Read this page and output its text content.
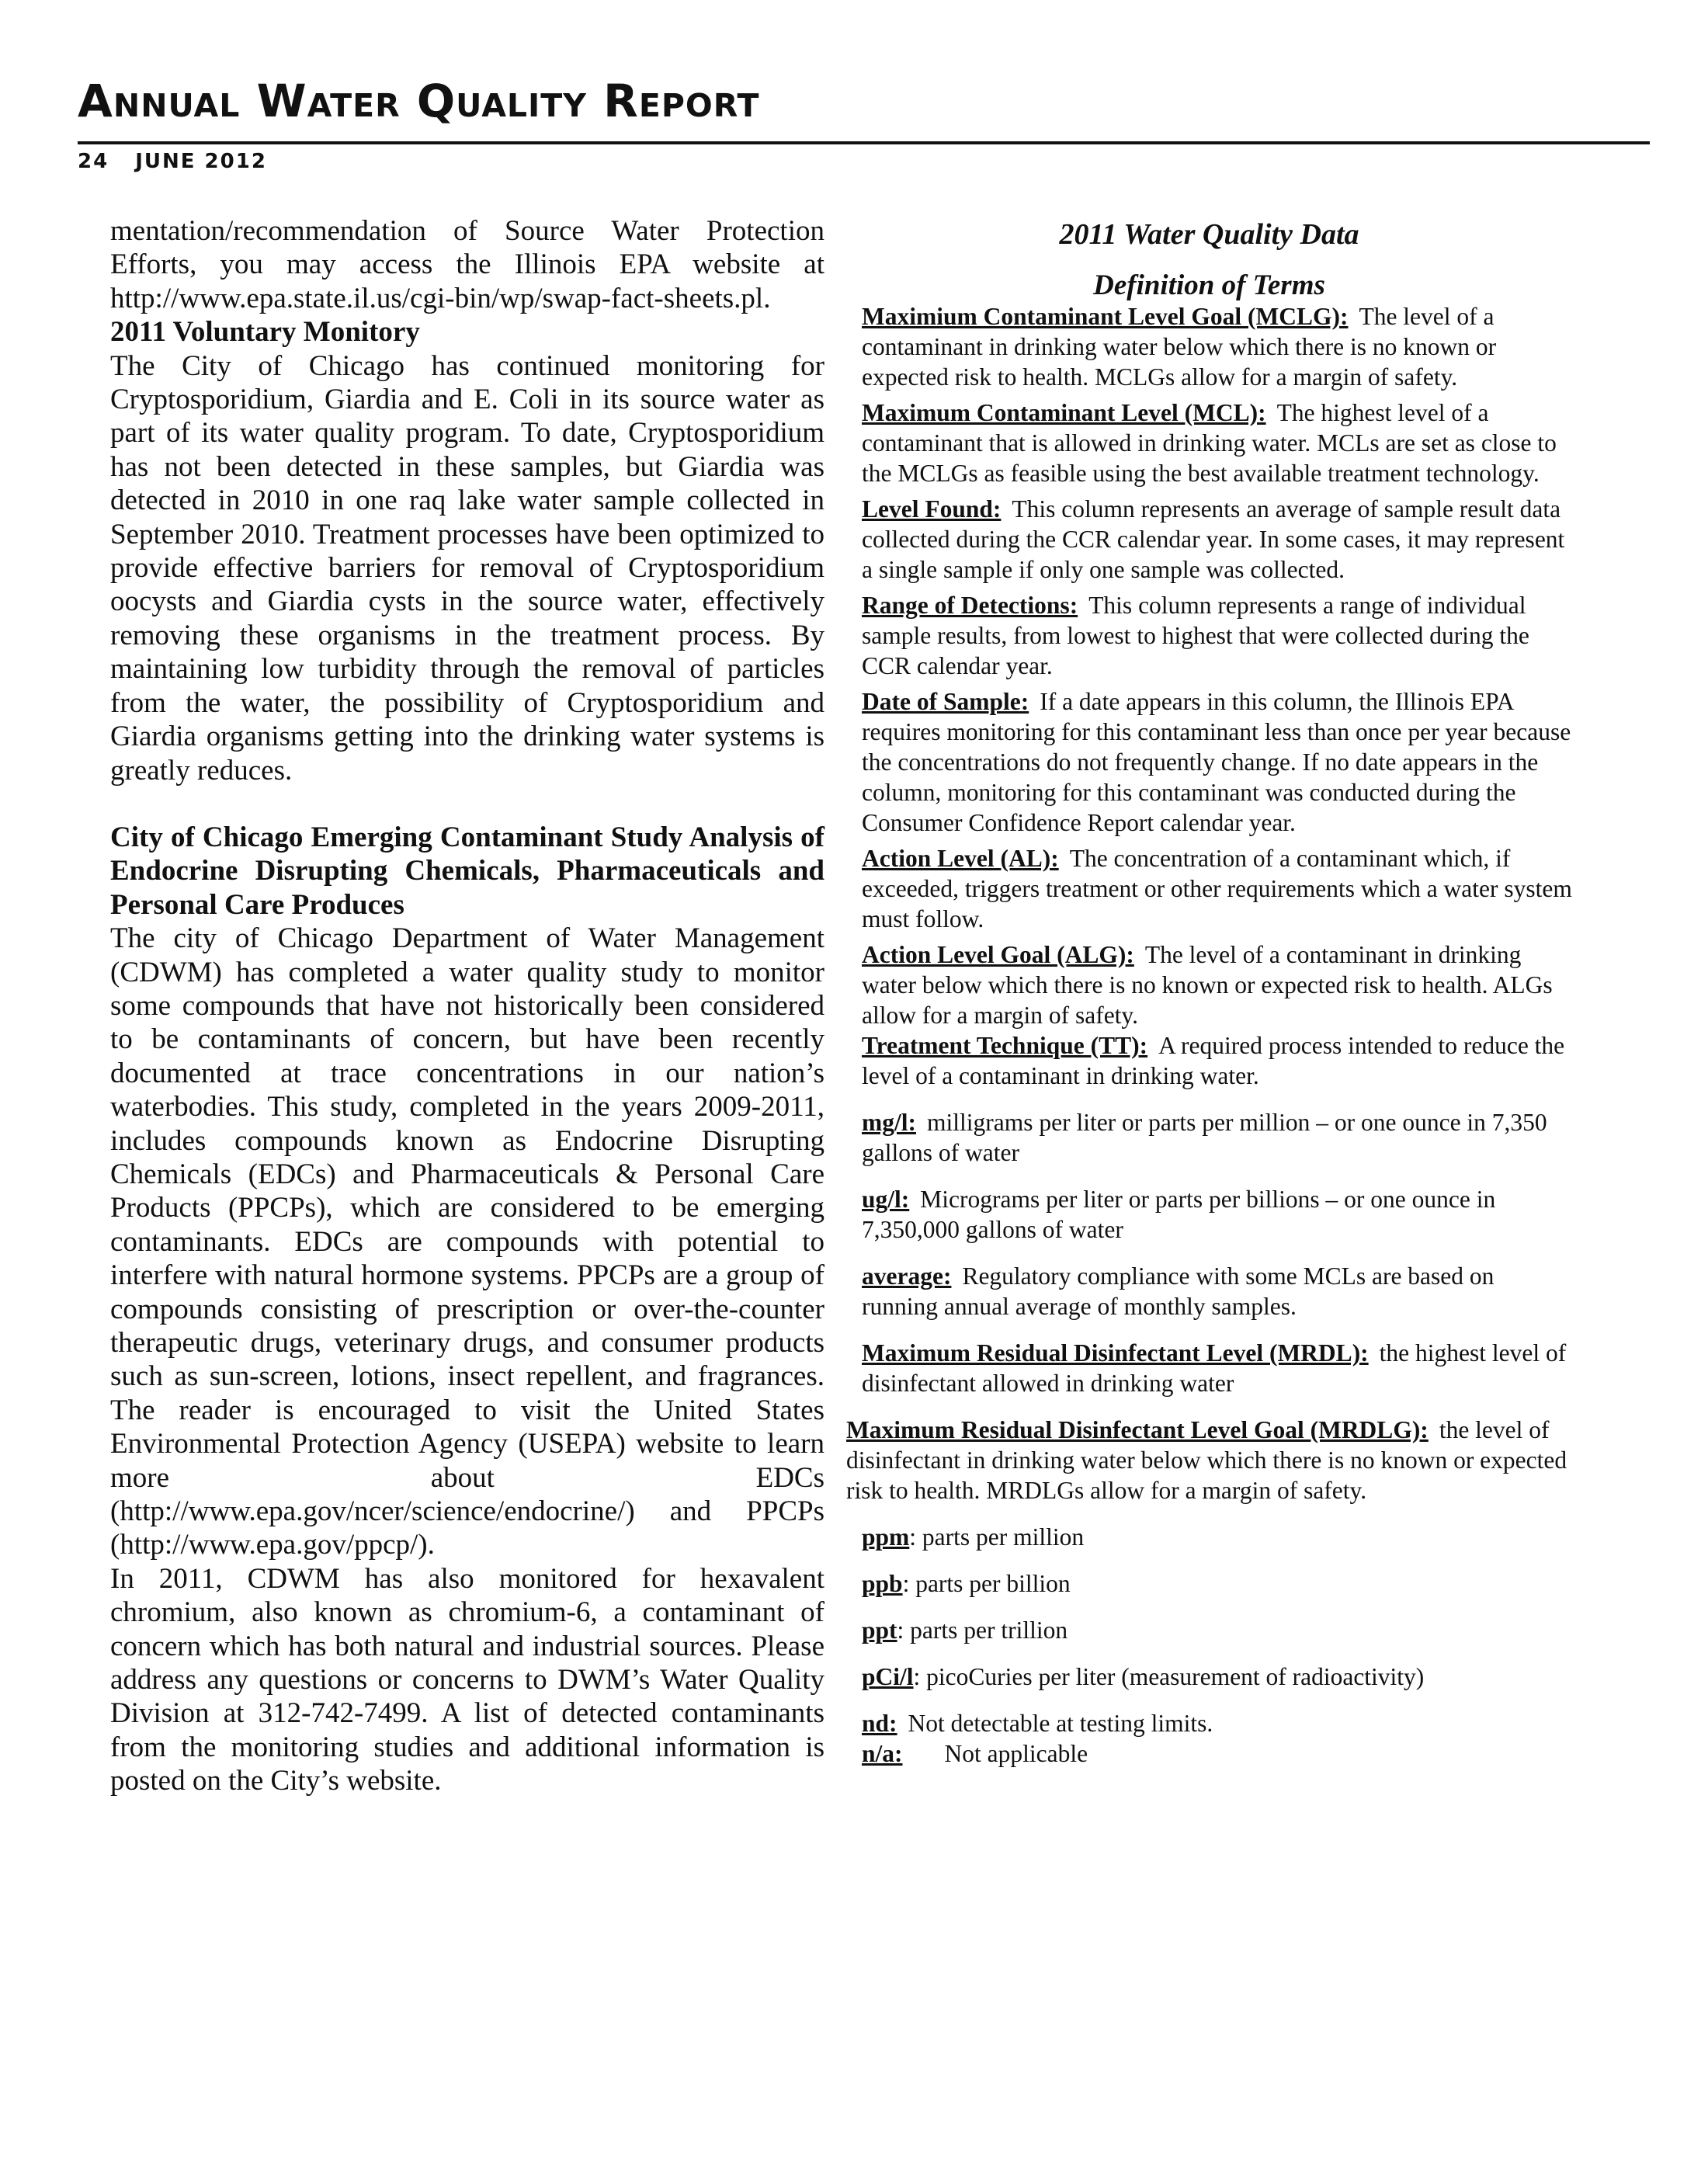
Annual Water Quality Report
24 JUNE 2012

mentation/recommendation of Source Water Protection Efforts, you may access the Illinois EPA website at http://www.epa.state.il.us/cgi-bin/wp/swap-fact-sheets.pl.

2011 Voluntary Monitory

The City of Chicago has continued monitoring for Cryptosporidium, Giardia and E. Coli in its source water as part of its water quality program. To date, Cryptosporidium has not been detected in these samples, but Giardia was detected in 2010 in one raq lake water sample collected in September 2010. Treatment processes have been optimized to provide effective barriers for removal of Cryptosporidium oocysts and Giardia cysts in the source water, effectively removing these organisms in the treatment process. By maintaining low turbidity through the removal of particles from the water, the possibility of Cryptosporidium and Giardia organisms getting into the drinking water systems is greatly reduces.

City of Chicago Emerging Contaminant Study Analysis of Endocrine Disrupting Chemicals, Pharmaceuticals and Personal Care Produces

The city of Chicago Department of Water Management (CDWM) has completed a water quality study to monitor some compounds that have not historically been considered to be contaminants of concern, but have been recently documented at trace concentrations in our nation’s waterbodies. This study, completed in the years 2009-2011, includes compounds known as Endocrine Disrupting Chemicals (EDCs) and Pharmaceuticals & Personal Care Products (PPCPs), which are considered to be emerging contaminants. EDCs are compounds with potential to interfere with natural hormone systems. PPCPs are a group of compounds consisting of prescription or over-the-counter therapeutic drugs, veterinary drugs, and consumer products such as sun-screen, lotions, insect repellent, and fragrances. The reader is encouraged to visit the United States Environmental Protection Agency (USEPA) website to learn more about EDCs (http://www.epa.gov/ncer/science/endocrine/) and PPCPs (http://www.epa.gov/ppcp/).

In 2011, CDWM has also monitored for hexavalent chromium, also known as chromium-6, a contaminant of concern which has both natural and industrial sources. Please address any questions or concerns to DWM’s Water Quality Division at 312-742-7499. A list of detected contaminants from the monitoring studies and additional information is posted on the City’s website.

2011 Water Quality Data
Definition of Terms

Maximium Contaminant Level Goal (MCLG): The level of a contaminant in drinking water below which there is no known or expected risk to health. MCLGs allow for a margin of safety.

Maximum Contaminant Level (MCL): The highest level of a contaminant that is allowed in drinking water. MCLs are set as close to the MCLGs as feasible using the best available treatment technology.

Level Found: This column represents an average of sample result data collected during the CCR calendar year. In some cases, it may represent a single sample if only one sample was collected.

Range of Detections: This column represents a range of individual sample results, from lowest to highest that were collected during the CCR calendar year.

Date of Sample: If a date appears in this column, the Illinois EPA requires monitoring for this contaminant less than once per year because the concentrations do not frequently change. If no date appears in the column, monitoring for this contaminant was conducted during the Consumer Confidence Report calendar year.

Action Level (AL): The concentration of a contaminant which, if exceeded, triggers treatment or other requirements which a water system must follow.

Action Level Goal (ALG): The level of a contaminant in drinking water below which there is no known or expected risk to health. ALGs allow for a margin of safety.

Treatment Technique (TT): A required process intended to reduce the level of a contaminant in drinking water.

mg/l: milligrams per liter or parts per million – or one ounce in 7,350 gallons of water

ug/l: Micrograms per liter or parts per billions – or one ounce in 7,350,000 gallons of water

average: Regulatory compliance with some MCLs are based on running annual average of monthly samples.

Maximum Residual Disinfectant Level (MRDL): the highest level of disinfectant allowed in drinking water

Maximum Residual Disinfectant Level Goal (MRDLG): the level of disinfectant in drinking water below which there is no known or expected risk to health. MRDLGs allow for a margin of safety.

ppm: parts per million

ppb: parts per billion

ppt: parts per trillion

pCi/l: picoCuries per liter (measurement of radioactivity)

nd: Not detectable at testing limits.

n/a: Not applicable
